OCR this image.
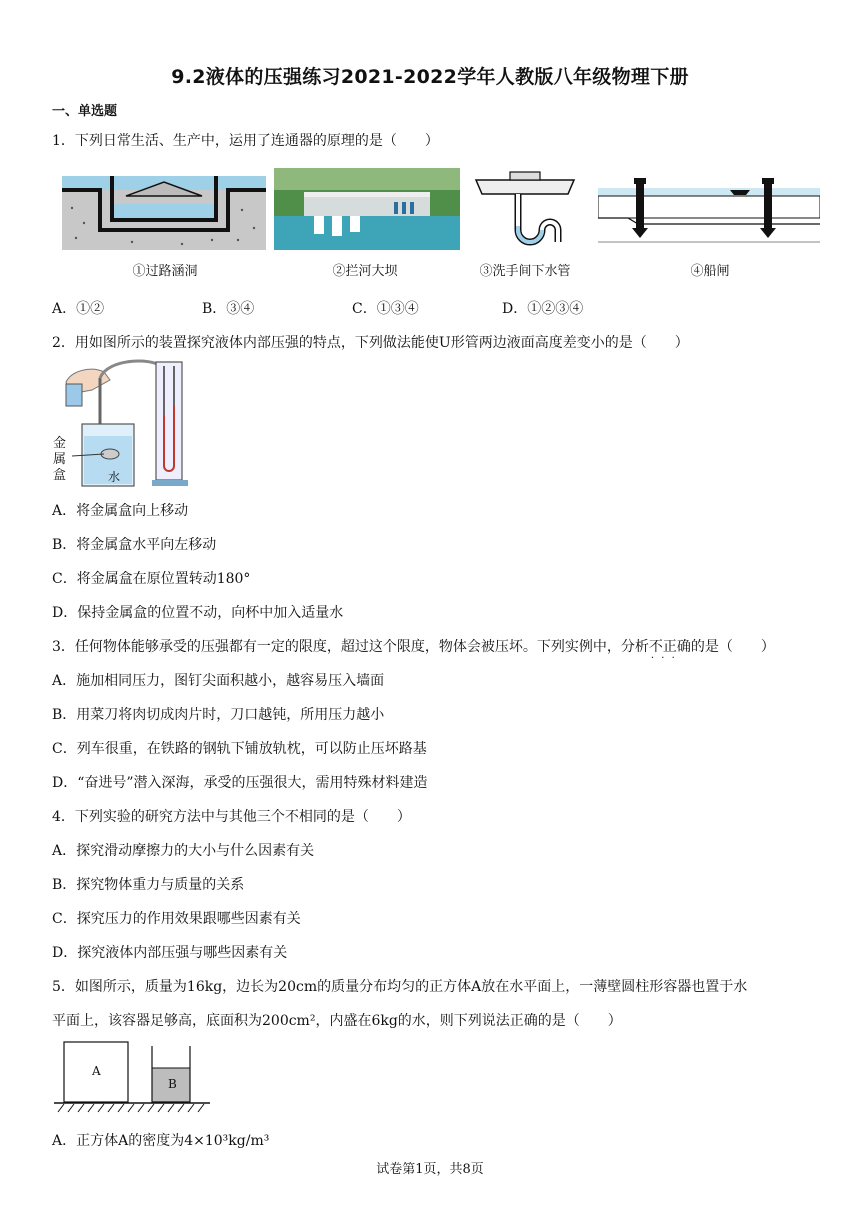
9.2液体的压强练习2021-2022学年人教版八年级物理下册
一、单选题
1．下列日常生活、生产中，运用了连通器的原理的是（　　）
①过路涵洞	②拦河大坝	③洗手间下水管	④船闸
A．①②	B．③④	C．①③④	D．①②③④
2．用如图所示的装置探究液体内部压强的特点，下列做法能使U形管两边液面高度差变小的是（　　）
金
属
盒	水
A．将金属盒向上移动
B．将金属盒水平向左移动
C．将金属盒在原位置转动180°
D．保持金属盒的位置不动，向杯中加入适量水
3．任何物体能够承受的压强都有一定的限度，超过这个限度，物体会被压坏。下列实例中，分析不正确 · · ·的是（　　）
A．施加相同压力，图钉尖面积越小，越容易压入墙面
B．用菜刀将肉切成肉片时，刀口越钝，所用压力越小
C．列车很重，在铁路的钢轨下铺放轨枕，可以防止压坏路基
D．“奋进号”潜入深海，承受的压强很大，需用特殊材料建造
4．下列实验的研究方法中与其他三个不相同的是（　　）
A．探究滑动摩擦力的大小与什么因素有关
B．探究物体重力与质量的关系
C．探究压力的作用效果跟哪些因素有关
D．探究液体内部压强与哪些因素有关
5．如图所示，质量为16kg，边长为20cm的质量分布均匀的正方体A放在水平面上，一薄壁圆柱形容器也置于水
平面上，该容器足够高，底面积为200cm²，内盛在6kg的水，则下列说法正确的是（　　）
A
B
A．正方体A的密度为4×10³kg/m³
试卷第1页，共8页
